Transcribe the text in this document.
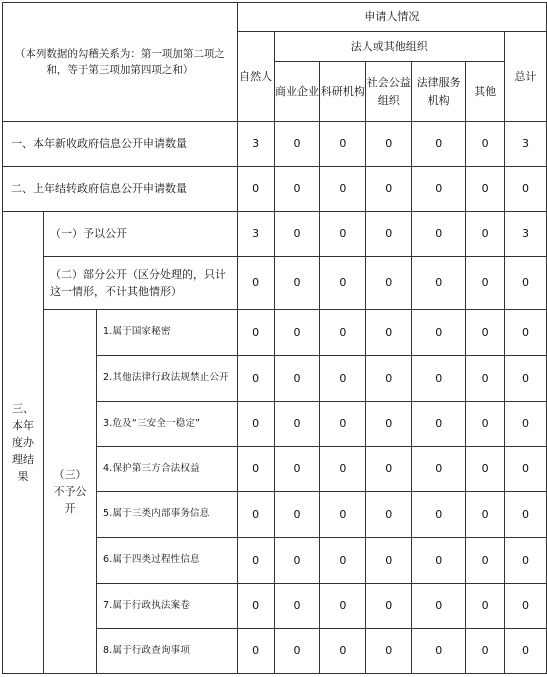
（本列数据的勾稽关系为：第一项加第二项之和，等于第三项加第四项之和）			申请人情况						
			自然人	法人或其他组织					总计
				商业企业	科研机构	社会公益组织	法律服务机构	其他	
一、本年新收政府信息公开申请数量			3	0	0	0	0	0	3
二、上年结转政府信息公开申请数量			0	0	0	0	0	0	0
三、本年度办理结果	（一）予以公开		3	0	0	0	0	0	3
	（二）部分公开（区分处理的，只计这一情形，不计其他情形）		0	0	0	0	0	0	0
	（三）不予公开	1.属于国家秘密	0	0	0	0	0	0	0
		2.其他法律行政法规禁止公开	0	0	0	0	0	0	0
		3.危及“三安全一稳定”	0	0	0	0	0	0	0
		4.保护第三方合法权益	0	0	0	0	0	0	0
		5.属于三类内部事务信息	0	0	0	0	0	0	0
		6.属于四类过程性信息	0	0	0	0	0	0	0
		7.属于行政执法案卷	0	0	0	0	0	0	0
		8.属于行政查询事项	0	0	0	0	0	0	0
